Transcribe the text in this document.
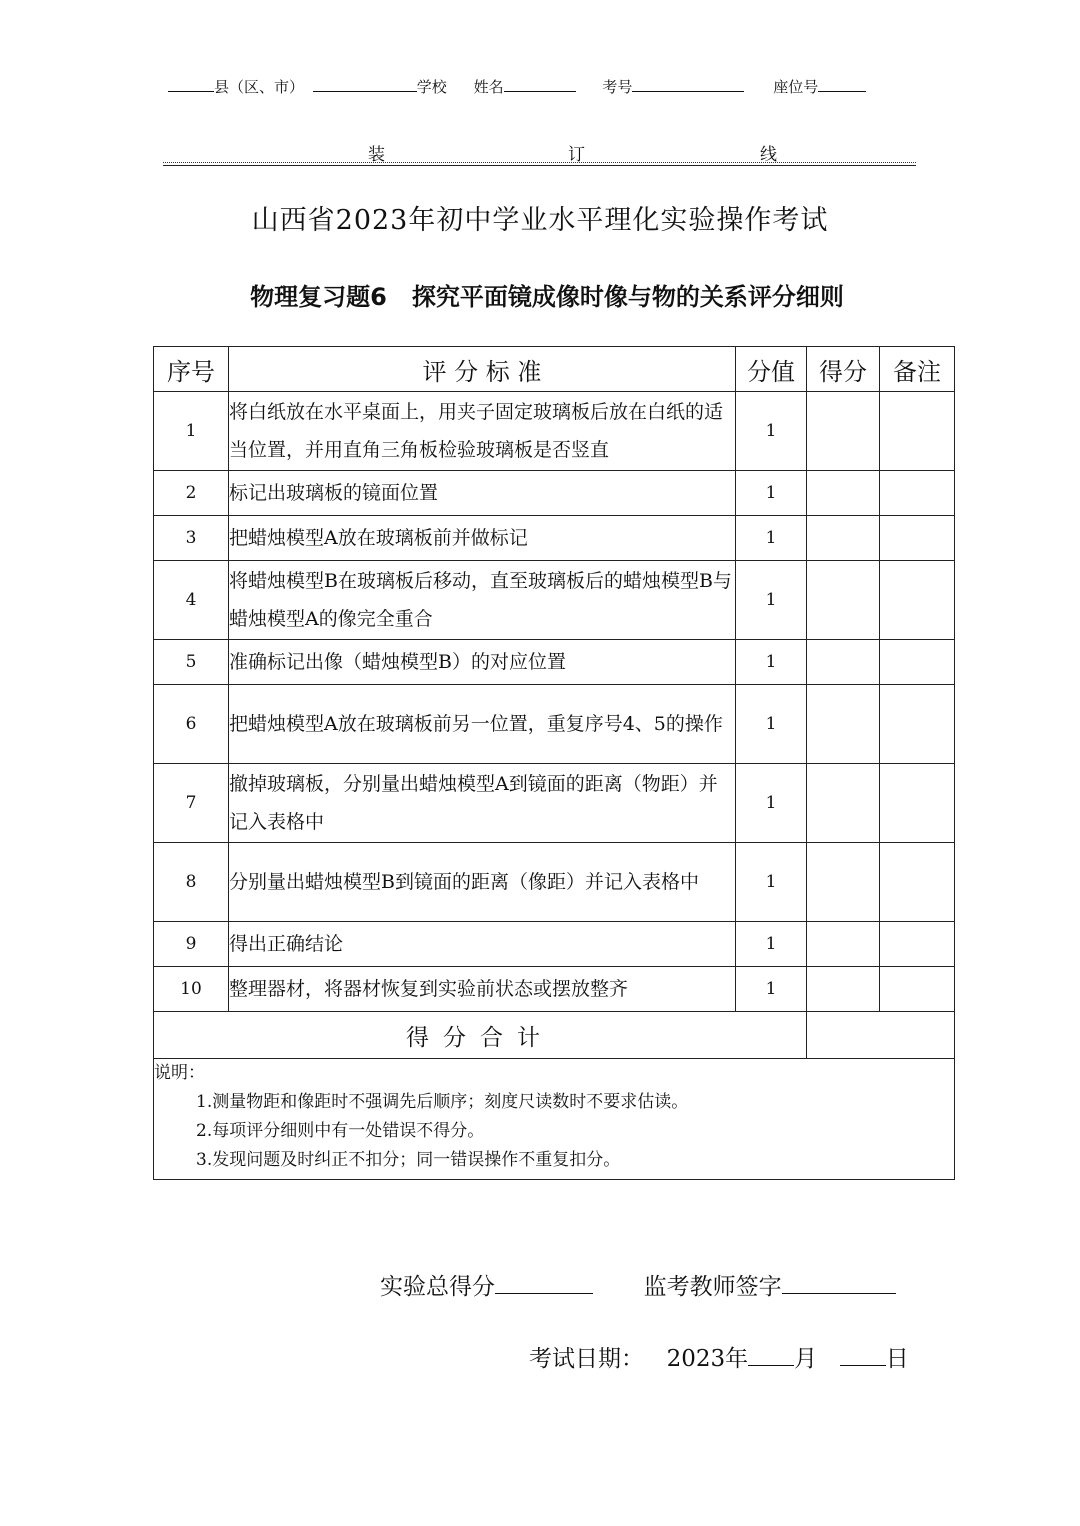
县（区、市）	学校 姓名	考号	座位号
装	订	线
山西省2023年初中学业水平理化实验操作考试
物理复习题6   探究平面镜成像时像与物的关系评分细则
序号	评 分 标 准	分值	得分	备注
1	将白纸放在水平桌面上，用夹子固定玻璃板后放在白纸的适当位置，并用直角三角板检验玻璃板是否竖直	1		
2	标记出玻璃板的镜面位置	1		
3	把蜡烛模型A放在玻璃板前并做标记	1		
4	将蜡烛模型B在玻璃板后移动，直至玻璃板后的蜡烛模型B与蜡烛模型A的像完全重合	1		
5	准确标记出像（蜡烛模型B）的对应位置	1		
6	把蜡烛模型A放在玻璃板前另一位置，重复序号4、5的操作	1		
7	撤掉玻璃板，分别量出蜡烛模型A到镜面的距离（物距）并记入表格中	1		
8	分别量出蜡烛模型B到镜面的距离（像距）并记入表格中	1		
9	得出正确结论	1		
10	整理器材，将器材恢复到实验前状态或摆放整齐	1		
得分合计				

说明：
1.测量物距和像距时不强调先后顺序；刻度尺读数时不要求估读。
2.每项评分细则中有一处错误不得分。
3.发现问题及时纠正不扣分；同一错误操作不重复扣分。				
实验总得分	监考教师签字
考试日期： 2023年 月	日
